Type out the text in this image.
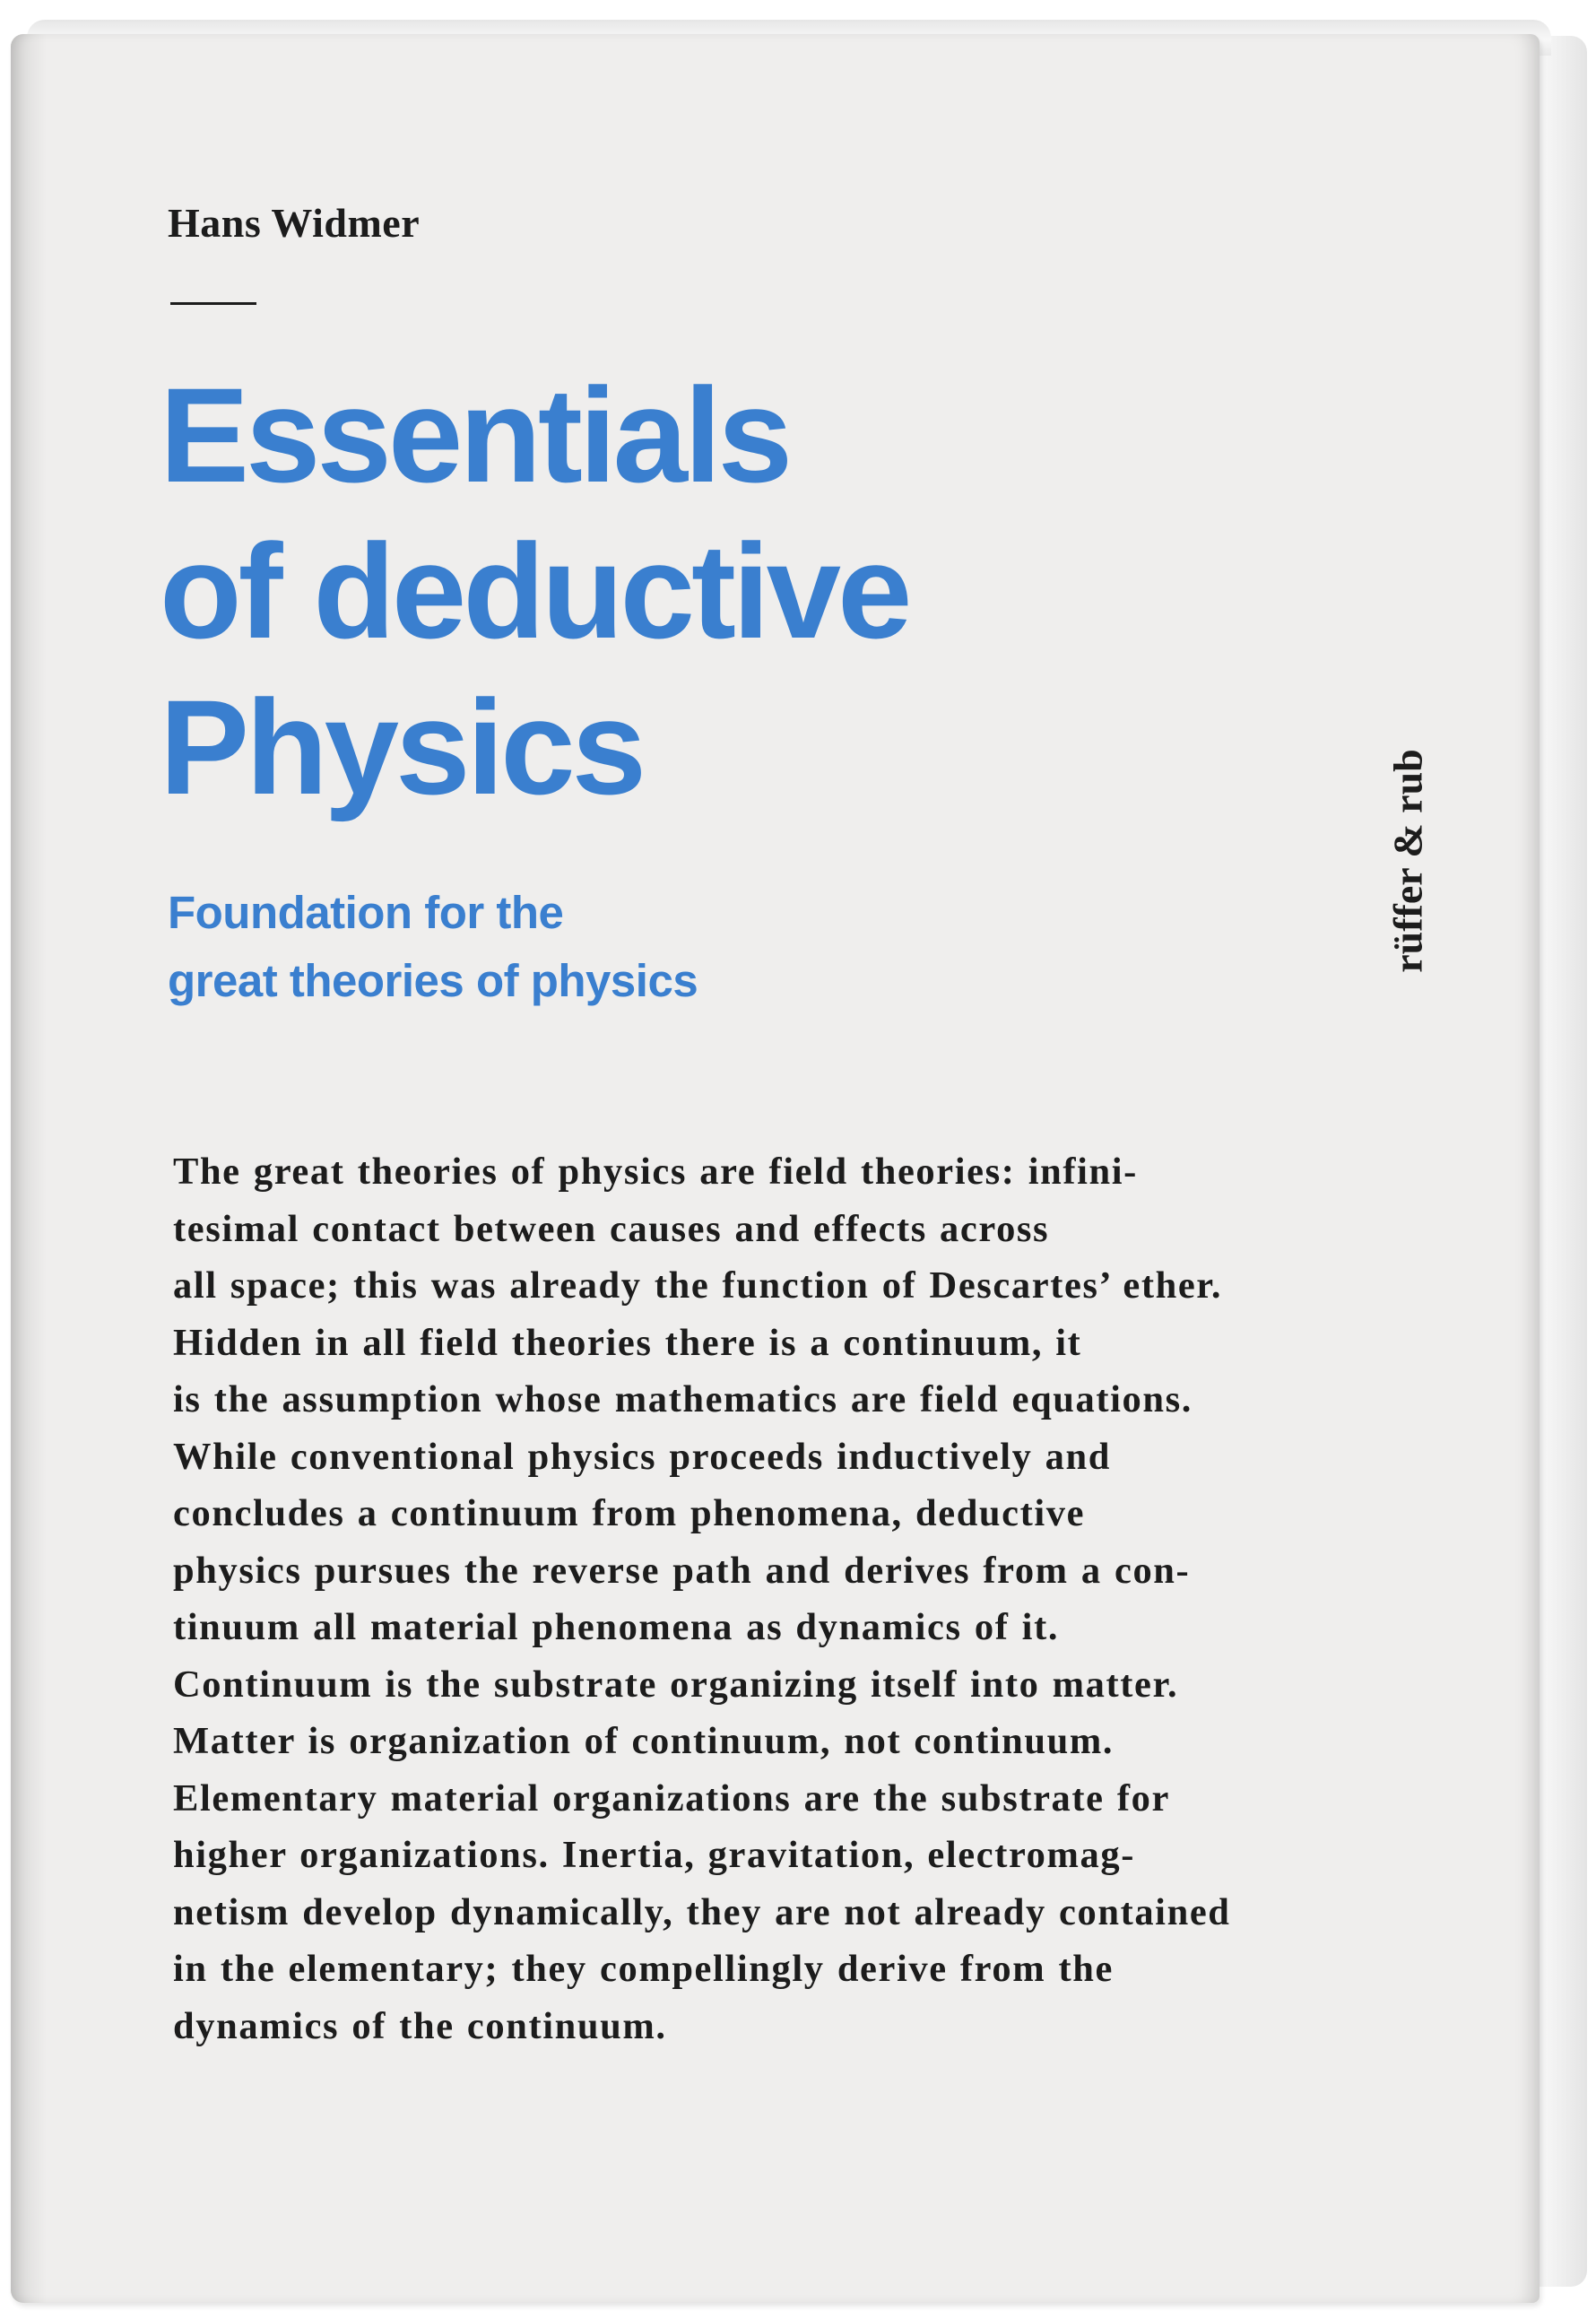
Hans Widmer
Essentials
of deductive
Physics
Foundation for the
great theories of physics
rüffer & rub
The great theories of physics are field theories: infini-
tesimal contact between causes and effects across
all space; this was already the function of Descartes’ ether.
Hidden in all field theories there is a continuum, it
is the assumption whose mathematics are field equations.
While conventional physics proceeds inductively and
concludes a continuum from phenomena, deductive
physics pursues the reverse path and derives from a con-
tinuum all material phenomena as dynamics of it.
Continuum is the substrate organizing itself into matter.
Matter is organization of continuum, not continuum.
Elementary material organizations are the substrate for
higher organizations. Inertia, gravitation, electromag-
netism develop dynamically, they are not already contained
in the elementary; they compellingly derive from the
dynamics of the continuum.
